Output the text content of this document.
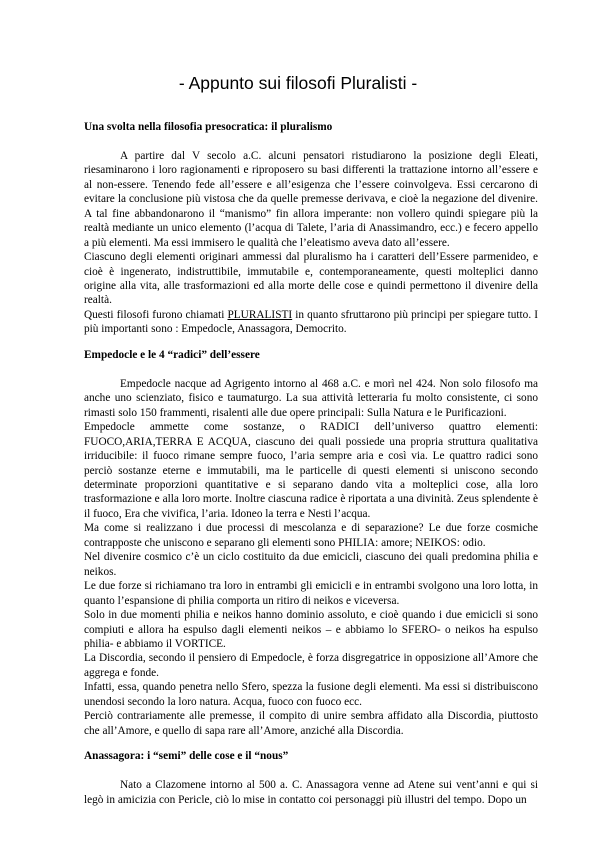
- Appunto sui filosofi Pluralisti -
Una svolta nella filosofia presocratica: il pluralismo

A partire dal V secolo a.C. alcuni pensatori ristudiarono la posizione degli Eleati, riesaminarono i loro ragionamenti e riproposero su basi differenti la trattazione intorno all’essere e al non-essere. Tenendo fede all’essere e all’esigenza che l’essere coinvolgeva. Essi cercarono di evitare la conclusione più vistosa che da quelle premesse derivava, e cioè la negazione del divenire. A tal fine abbandonarono il “manismo” fin allora imperante: non vollero quindi spiegare più la realtà mediante un unico elemento (l’acqua di Talete, l’aria di Anassimandro, ecc.) e fecero appello a più elementi. Ma essi immisero le qualità che l’eleatismo aveva dato all’essere.

Ciascuno degli elementi originari ammessi dal pluralismo ha i caratteri dell’Essere parmenideo, e cioè è ingenerato, indistruttibile, immutabile e, contemporaneamente, questi molteplici danno origine alla vita, alle trasformazioni ed alla morte delle cose e quindi permettono il divenire della realtà.

Questi filosofi furono chiamati PLURALISTI in quanto sfruttarono più principi per spiegare tutto. I più importanti sono : Empedocle, Anassagora, Democrito.

Empedocle e le 4 “radici” dell’essere

Empedocle nacque ad Agrigento intorno al 468 a.C. e morì nel 424. Non solo filosofo ma anche uno scienziato, fisico e taumaturgo. La sua attività letteraria fu molto consistente, ci sono rimasti solo 150 frammenti, risalenti alle due opere principali: Sulla Natura e le Purificazioni.

Empedocle ammette come sostanze, o RADICI dell’universo quattro elementi: FUOCO,ARIA,TERRA E ACQUA, ciascuno dei quali possiede una propria struttura qualitativa irriducibile: il fuoco rimane sempre fuoco, l’aria sempre aria e così via. Le quattro radici sono perciò sostanze eterne e immutabili, ma le particelle di questi elementi si uniscono secondo determinate proporzioni quantitative e si separano dando vita a molteplici cose, alla loro trasformazione e alla loro morte. Inoltre ciascuna radice è riportata a una divinità. Zeus splendente è il fuoco, Era che vivifica, l’aria. Idoneo la terra e Nesti l’acqua.

Ma come si realizzano i due processi di mescolanza e di separazione? Le due forze cosmiche contrapposte che uniscono e separano gli elementi sono PHILIA: amore; NEIKOS: odio.

Nel divenire cosmico c’è un ciclo costituito da due emicicli, ciascuno dei quali predomina philia e neikos.

Le due forze si richiamano tra loro in entrambi gli emicicli e in entrambi svolgono una loro lotta, in quanto l’espansione di philia comporta un ritiro di neikos e viceversa.

Solo in due momenti philia e neikos hanno dominio assoluto, e cioè quando i due emicicli si sono compiuti e allora ha espulso dagli elementi neikos – e abbiamo lo SFERO- o neikos ha espulso philia- e abbiamo il VORTICE.

La Discordia, secondo il pensiero di Empedocle, è forza disgregatrice in opposizione all’Amore che aggrega e fonde.

Infatti, essa, quando penetra nello Sfero, spezza la fusione degli elementi. Ma essi si distribuiscono unendosi secondo la loro natura. Acqua, fuoco con fuoco ecc.

Perciò contrariamente alle premesse, il compito di unire sembra affidato alla Discordia, piuttosto che all’Amore, e quello di sapa rare all’Amore, anziché alla Discordia.

Anassagora: i “semi” delle cose e il “nous”

Nato a Clazomene intorno al 500 a. C. Anassagora venne ad Atene sui vent’anni e qui si legò in amicizia con Pericle, ciò lo mise in contatto coi personaggi più illustri del tempo. Dopo un
